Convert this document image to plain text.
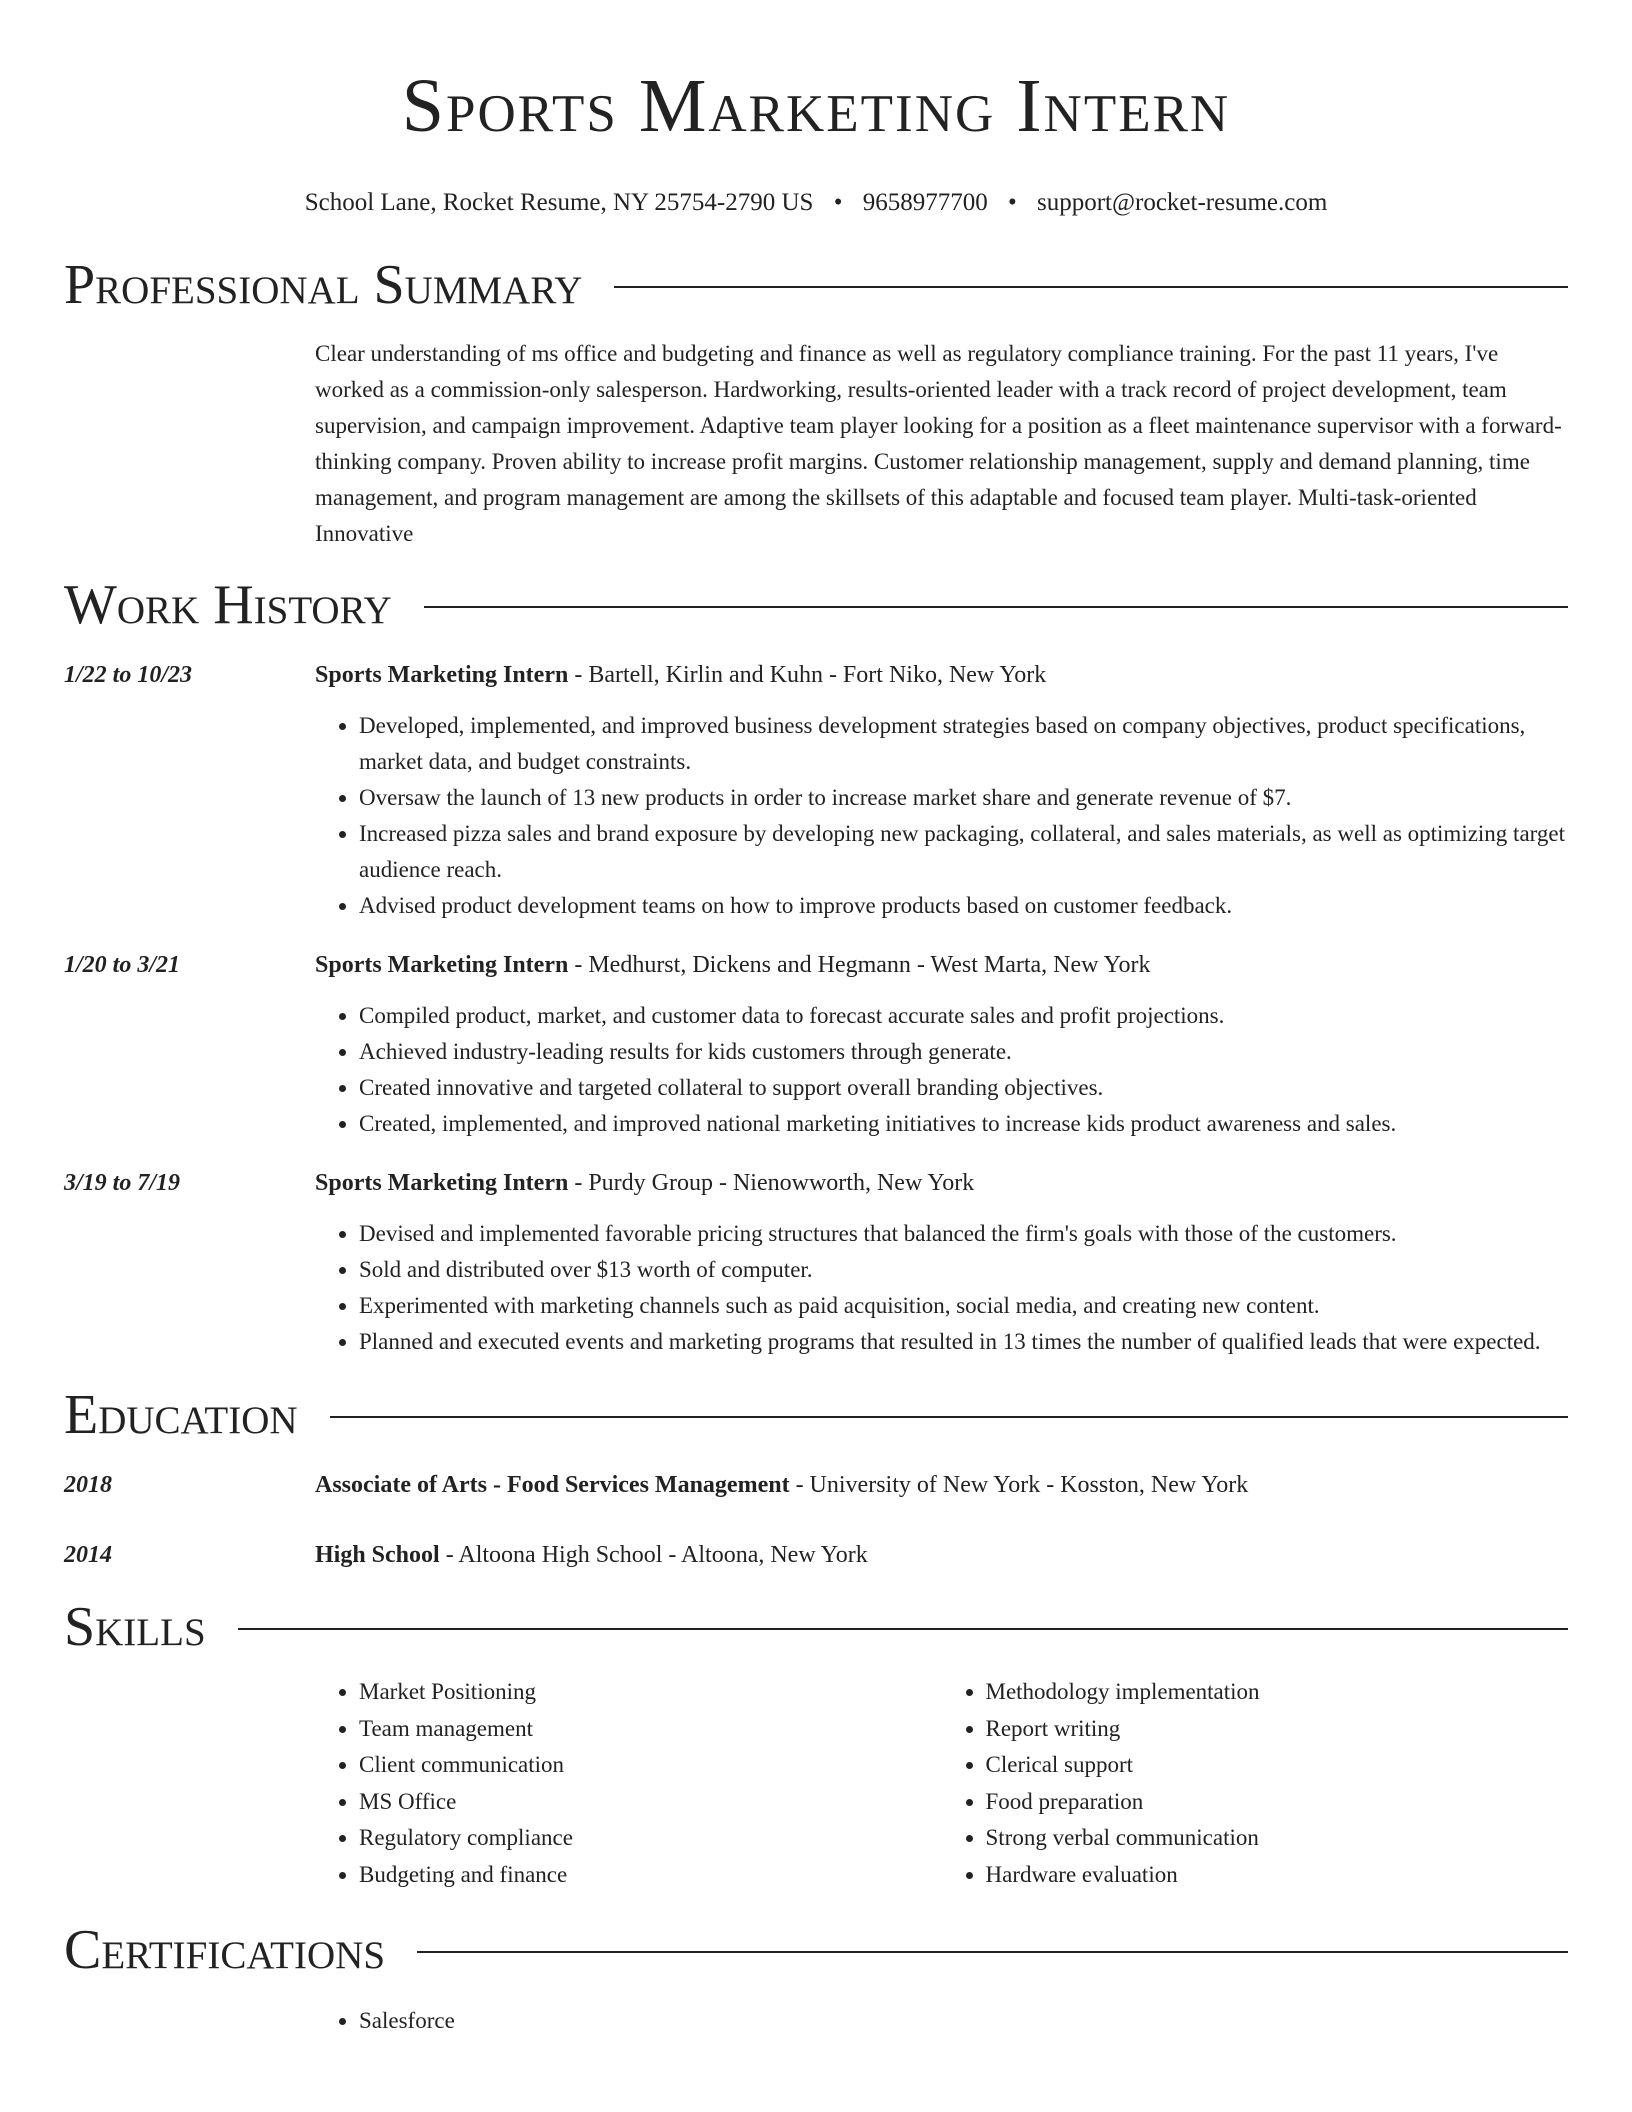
Sports Marketing Intern
School Lane, Rocket Resume, NY 25754-2790 US • 9658977700 • support@rocket-resume.com
Professional Summary
Clear understanding of ms office and budgeting and finance as well as regulatory compliance training. For the past 11 years, I've worked as a commission-only salesperson. Hardworking, results-oriented leader with a track record of project development, team supervision, and campaign improvement. Adaptive team player looking for a position as a fleet maintenance supervisor with a forward-thinking company. Proven ability to increase profit margins. Customer relationship management, supply and demand planning, time management, and program management are among the skillsets of this adaptable and focused team player. Multi-task-oriented Innovative
Work History
1/22 to 10/23	Sports Marketing Intern - Bartell, Kirlin and Kuhn - Fort Niko, New York
• Developed, implemented, and improved business development strategies based on company objectives, product specifications, market data, and budget constraints.
• Oversaw the launch of 13 new products in order to increase market share and generate revenue of $7.
• Increased pizza sales and brand exposure by developing new packaging, collateral, and sales materials, as well as optimizing target audience reach.
• Advised product development teams on how to improve products based on customer feedback.
1/20 to 3/21	Sports Marketing Intern - Medhurst, Dickens and Hegmann - West Marta, New York
• Compiled product, market, and customer data to forecast accurate sales and profit projections.
• Achieved industry-leading results for kids customers through generate.
• Created innovative and targeted collateral to support overall branding objectives.
• Created, implemented, and improved national marketing initiatives to increase kids product awareness and sales.
3/19 to 7/19	Sports Marketing Intern - Purdy Group - Nienowworth, New York
• Devised and implemented favorable pricing structures that balanced the firm's goals with those of the customers.
• Sold and distributed over $13 worth of computer.
• Experimented with marketing channels such as paid acquisition, social media, and creating new content.
• Planned and executed events and marketing programs that resulted in 13 times the number of qualified leads that were expected.
Education
2018	Associate of Arts - Food Services Management - University of New York - Kosston, New York
2014	High School - Altoona High School - Altoona, New York
Skills
• Market Positioning
• Team management
• Client communication
• MS Office
• Regulatory compliance
• Budgeting and finance
• Methodology implementation
• Report writing
• Clerical support
• Food preparation
• Strong verbal communication
• Hardware evaluation
Certifications
• Salesforce
